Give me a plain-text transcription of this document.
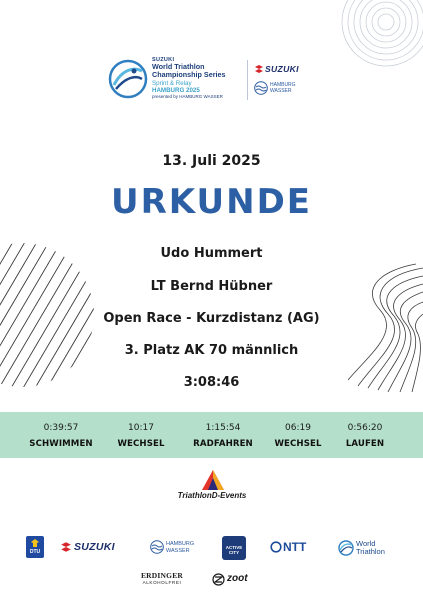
SUZUKI
World Triathlon
Championship Series
Sprint & Relay
HAMBURG 2025
presented by HAMBURG WASSER
SUZUKI
HAMBURG
WASSER
13. Juli 2025
URKUNDE
Udo Hummert
LT Bernd Hübner
Open Race - Kurzdistanz (AG)
3. Platz AK 70 männlich
3:08:46
0:39:57
SCHWIMMEN
10:17
WECHSEL
1:15:54
RADFAHREN
06:19
WECHSEL
0:56:20
LAUFEN
TriathlonD-Events
DTU	SUZUKI	HAMBURG
WASSER	ACTIVE CITY	NTT	World
Triathlon
ERDINGER
ALKOHOLFREI	zoot
